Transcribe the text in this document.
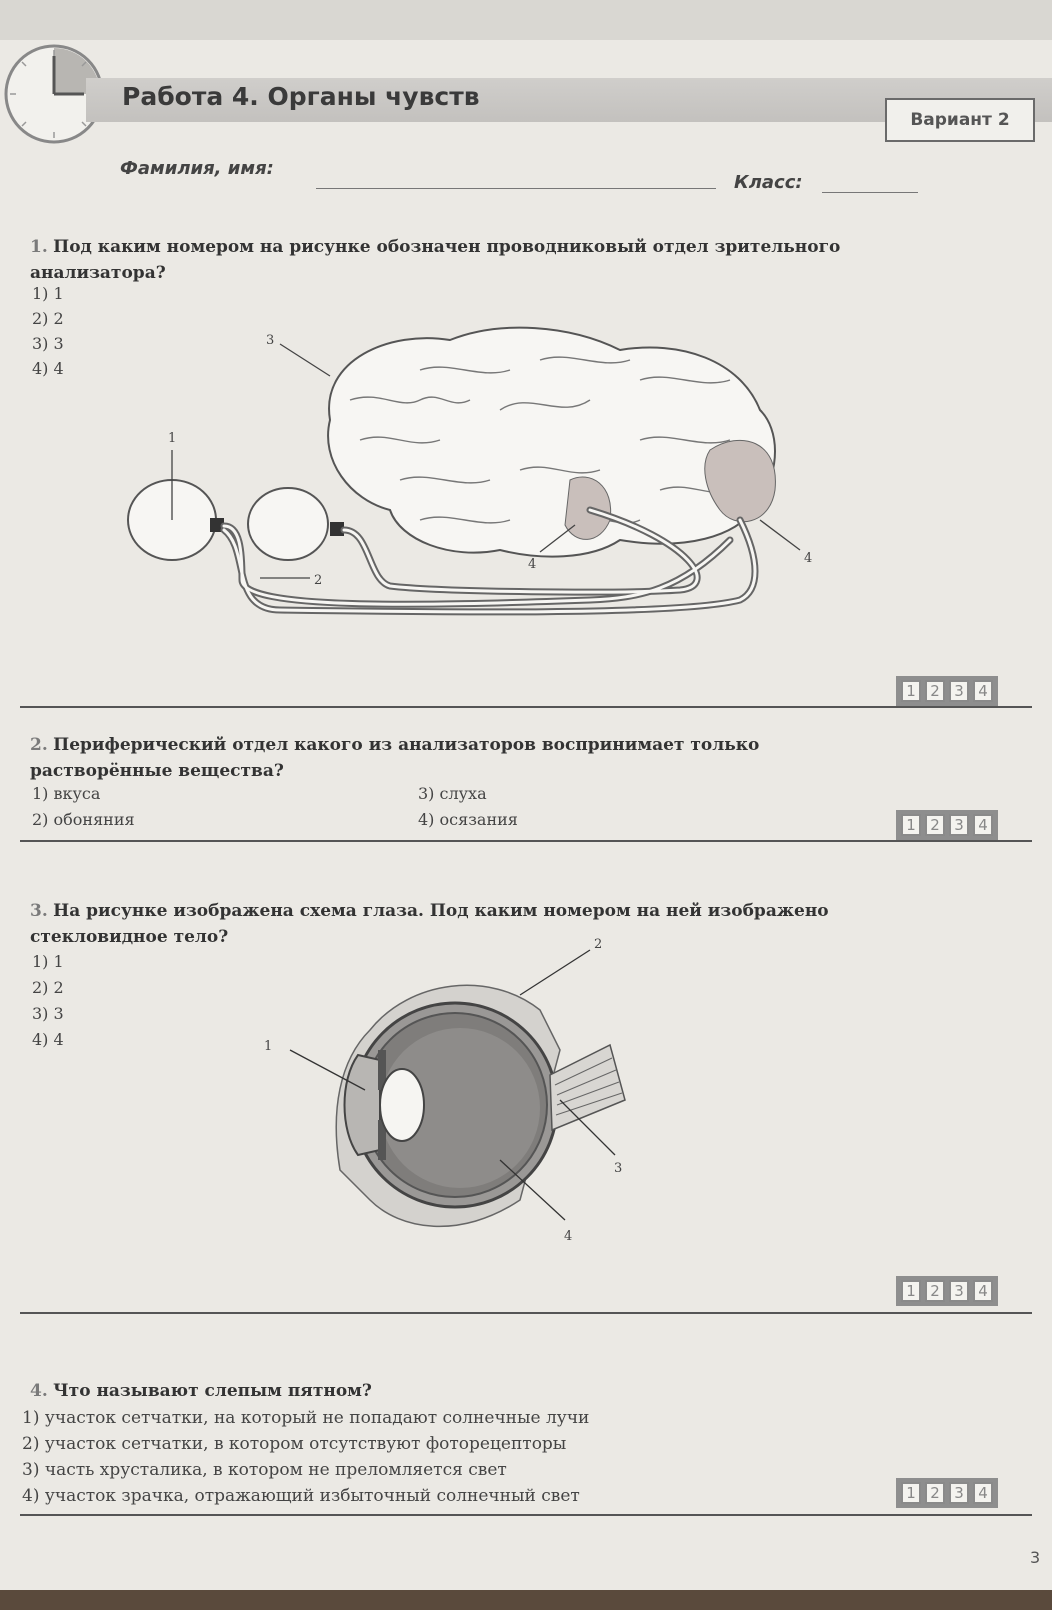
Работа 4. Органы чувств
Вариант 2
Фамилия, имя:
Класс:
1. Под каким номером на рисунке обозначен проводниковый отдел зрительного анализатора?
1) 1
2) 2
3) 3
4) 4
1
2
3
4	4
1 2 3 4
2. Периферический отдел какого из анализаторов воспринимает только растворённые вещества?
1) вкуса
2) обоняния
3) слуха
4) осязания	1 2 3 4
3. На рисунке изображена схема глаза. Под каким номером на ней изображено стекловидное тело?
1) 1
2) 2
3) 3
4) 4	1
2
3
4
1 2 3 4
4. Что называют слепым пятном?
1) участок сетчатки, на который не попадают солнечные лучи
2) участок сетчатки, в котором отсутствуют фоторецепторы
3) часть хрусталика, в котором не преломляется свет
4) участок зрачка, отражающий избыточный солнечный свет	1 2 3 4
3
